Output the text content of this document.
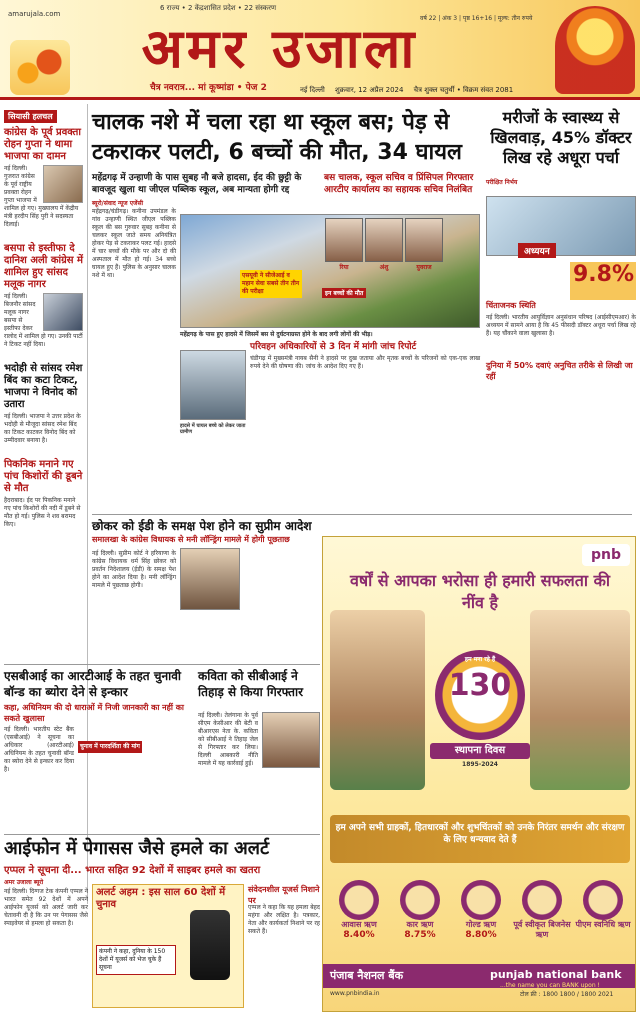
amarujala.com
6 राज्य • 2 केंद्रशासित प्रदेश • 22 संस्करण
वर्ष 22 | अंक 3 | पृष्ठ 16+16 | मूल्य: तीन रुपये
अमर उजाला
चैत्र नवरात्र... मां कूष्मांडा • पेज 2	नई दिल्ली शुक्रवार, 12 अप्रैल 2024 चैत्र शुक्ल चतुर्थी • विक्रम संवत 2081
सियासी हलचल
कांग्रेस के पूर्व प्रवक्ता रोहन गुप्ता ने थामा भाजपा का दामन
नई दिल्ली। गुजरात कांग्रेस के पूर्व राष्ट्रीय प्रवक्ता रोहन गुप्ता भाजपा में शामिल हो गए। मुख्यालय में केंद्रीय मंत्री हरदीप सिंह पुरी ने सदस्यता दिलाई।
बसपा से इस्तीफा दे दानिश अली कांग्रेस में शामिल हुए सांसद मलूक नागर
नई दिल्ली। बिजनौर सांसद मलूक नागर बसपा से इस्तीफा देकर रालोद में शामिल हो गए। उनकी पार्टी ने टिकट नहीं दिया।
भदोही से सांसद रमेश बिंद का कटा टिकट, भाजपा ने विनोद को उतारा
नई दिल्ली। भाजपा ने उत्तर प्रदेश के भदोही से मौजूदा सांसद रमेश बिंद का टिकट काटकर विनोद बिंद को उम्मीदवार बनाया है।
पिकनिक मनाने गए पांच किशोरों की डूबने से मौत
हैदराबाद। ईद पर पिकनिक मनाने गए पांच किशोरों की नदी में डूबने से मौत हो गई। पुलिस ने शव बरामद किए।
चालक नशे में चला रहा था स्कूल बस; पेड़ से टकराकर पलटी, 6 बच्चों की मौत, 34 घायल
महेंद्रगढ़ में उन्हाणी के पास सुबह नौ बजे हादसा, ईद की छुट्टी के बावजूद खुला था जीएल पब्लिक स्कूल, अब मान्यता होगी रद्द
बस चालक, स्कूल सचिव व प्रिंसिपल गिरफ्तार आरटीए कार्यालय का सहायक सचिव निलंबित
ब्यूरो/संवाद न्यूज एजेंसी
महेंद्रगढ़/चंडीगढ़। कनीना उपमंडल के गांव उन्हाणी स्थित जीएल पब्लिक स्कूल की बस गुरुवार सुबह कनीना से चलकर स्कूल जाते समय अनियंत्रित होकर पेड़ से टकराकर पलट गई। हादसे में चार बच्चों की मौके पर और दो की अस्पताल में मौत हो गई। 34 बच्चे घायल हुए हैं। पुलिस के अनुसार चालक नशे में था।	एसयूवी ने सीजेआई व महान सेवा सबसे तीन तीन की परीक्षा
महेंद्रगढ़ के पास हुए हादसे में जिसमें बस से दुर्घटनाग्रस्त होने के बाद लगी लोगों की भीड़।
रिया	अंशु	युवराज
इन बच्चों की मौत
हादसे में घायल बच्चे को लेकर जाता ग्रामीण
परिवहन अधिकारियों से 3 दिन में मांगी जांच रिपोर्ट
चंडीगढ़ में मुख्यमंत्री नायब सैनी ने हादसे पर दुख जताया और मृतक बच्चों के परिजनों को एक-एक लाख रुपये देने की घोषणा की। जांच के आदेश दिए गए हैं।
मरीजों के स्वास्थ्य से खिलवाड़, 45% डॉक्टर लिख रहे अधूरा पर्चा
परीक्षित निर्भय
अध्ययन
9.8%
चिंताजनक स्थिति
नई दिल्ली। भारतीय आयुर्विज्ञान अनुसंधान परिषद (आईसीएमआर) के अध्ययन में सामने आया है कि 45 फीसदी डॉक्टर अधूरा पर्चा लिख रहे हैं। यह चौंकाने वाला खुलासा है।
दुनिया में 50% दवाएं अनुचित तरीके से लिखी जा रहीं
छोकर को ईडी के समक्ष पेश होने का सुप्रीम आदेश
समालखा के कांग्रेस विधायक से मनी लॉन्ड्रिंग मामले में होगी पूछताछ
नई दिल्ली। सुप्रीम कोर्ट ने हरियाणा के कांग्रेस विधायक धर्म सिंह छोकर को प्रवर्तन निदेशालय (ईडी) के समक्ष पेश होने का आदेश दिया है। मनी लॉन्ड्रिंग मामले में पूछताछ होगी।
एसबीआई का आरटीआई के तहत चुनावी बॉन्ड का ब्योरा देने से इन्कार
कहा, अधिनियम की दो धाराओं में निजी जानकारी का नहीं का सकते खुलासा
नई दिल्ली। भारतीय स्टेट बैंक (एसबीआई) ने सूचना का अधिकार (आरटीआई) अधिनियम के तहत चुनावी बॉन्ड का ब्योरा देने से इन्कार कर दिया है।
चुनाव में पारदर्शिता की मांग
कविता को सीबीआई ने तिहाड़ से किया गिरफ्तार
नई दिल्ली। तेलंगाना के पूर्व सीएम केसीआर की बेटी व बीआरएस नेता के. कविता को सीबीआई ने तिहाड़ जेल से गिरफ्तार कर लिया। दिल्ली आबकारी नीति मामले में यह कार्रवाई हुई।
आईफोन में पेगासस जैसे हमले का अलर्ट
एप्पल ने सूचना दी... भारत सहित 92 देशों में साइबर हमले का खतरा
अमर उजाला ब्यूरो
नई दिल्ली। दिग्गज टेक कंपनी एप्पल ने भारत समेत 92 देशों में अपने आईफोन यूजर्स को अलर्ट जारी कर चेतावनी दी है कि उन पर पेगासस जैसे स्पाइवेयर से हमला हो सकता है।
अलर्ट अहम : इस साल 60 देशों में चुनाव
कंपनी ने कहा, दुनिया के 150 देशों में यूजर्स को भेज चुके हैं सूचना
संवेदनशील यूजर्स निशाने पर
एप्पल ने कहा कि यह हमला बेहद महंगा और लक्षित है। पत्रकार, नेता और कार्यकर्ता निशाने पर रह सकते हैं।
pnb
वर्षों से आपका भरोसा ही हमारी सफलता की नींव है
हम मना रहे हैं
130
स्थापना दिवस
1895-2024
हम अपने सभी ग्राहकों, हितधारकों और शुभचिंतकों को उनके निरंतर समर्थन और संरक्षण के लिए धन्यवाद देते हैं
आवास ऋण
8.40%
कार ऋण
8.75%
गोल्ड ऋण
8.80%
पूर्व स्वीकृत बिजनेस ऋण
पीएम स्वनिधि ऋण
पंजाब नैशनल बैंक	punjab national bank
...the name you can BANK upon !
www.pnbindia.in	टोल फ्री : 1800 1800 / 1800 2021
